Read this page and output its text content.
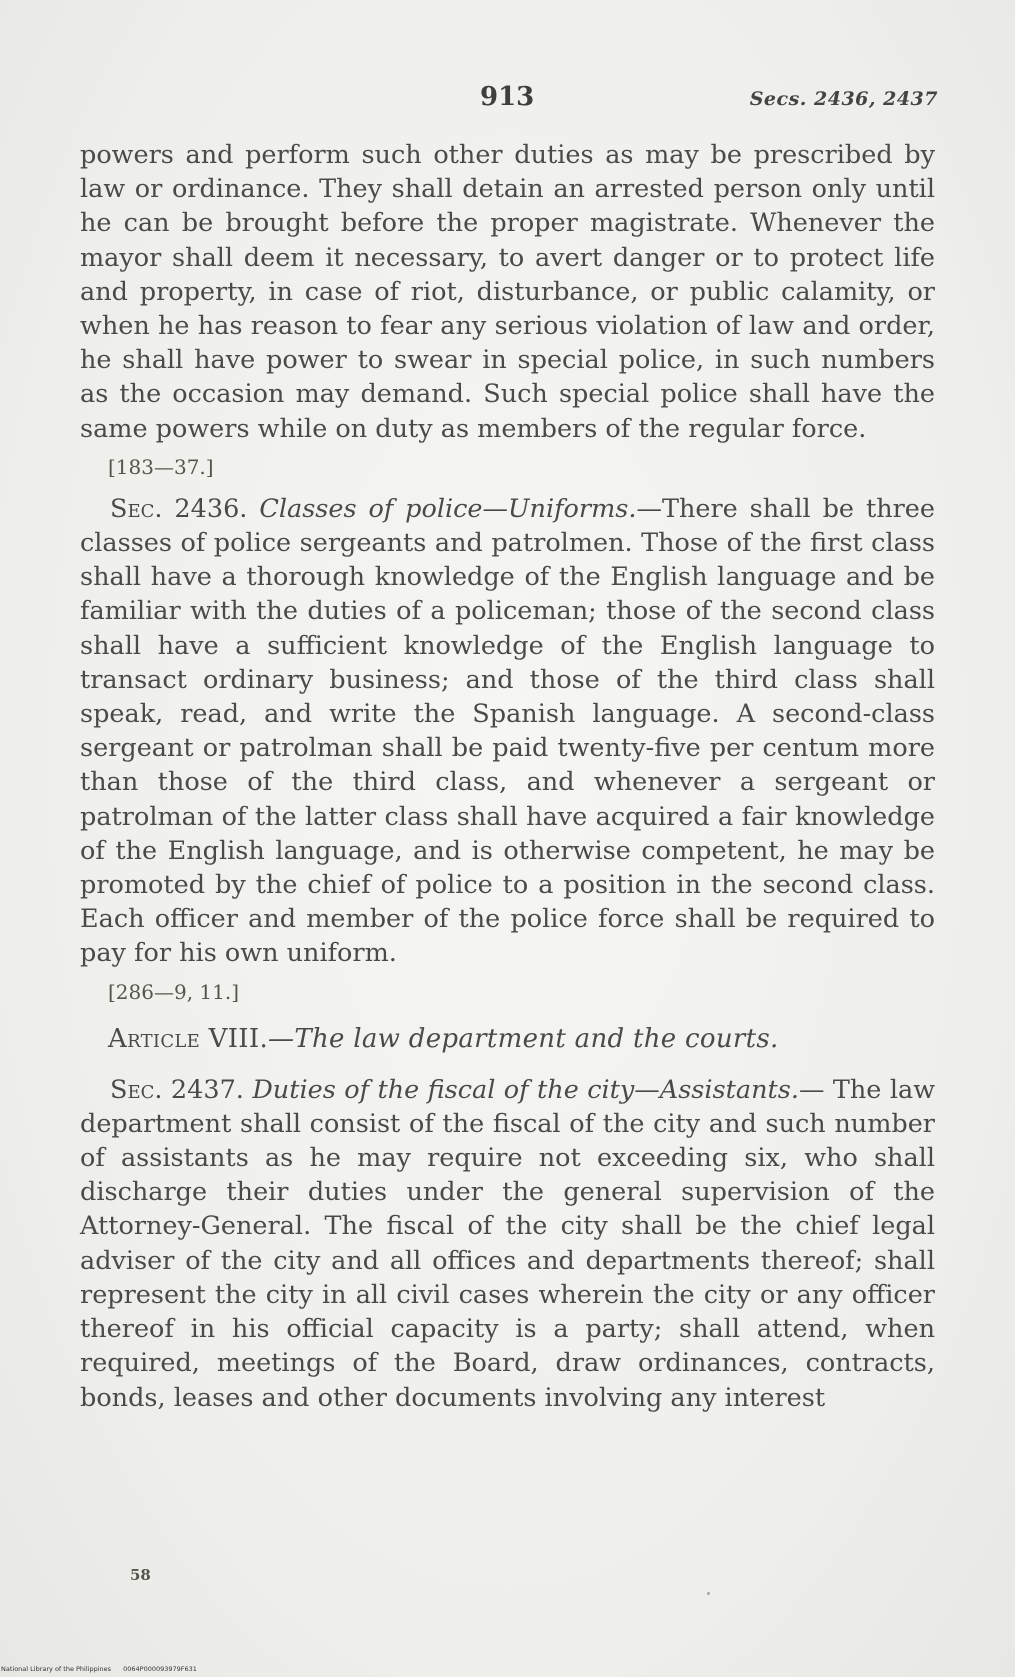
913	Secs. 2436, 2437

powers and perform such other duties as may be prescribed by law or ordinance. They shall detain an arrested person only until he can be brought before the proper magistrate. Whenever the mayor shall deem it necessary, to avert danger or to protect life and property, in case of riot, disturbance, or public calamity, or when he has reason to fear any serious violation of law and order, he shall have power to swear in special police, in such numbers as the occasion may demand. Such special police shall have the same powers while on duty as members of the regular force.

[183—37.]

Sec. 2436. Classes of police—Uniforms.—There shall be three classes of police sergeants and patrolmen. Those of the first class shall have a thorough knowledge of the English language and be familiar with the duties of a policeman; those of the second class shall have a sufficient knowledge of the English language to transact ordinary business; and those of the third class shall speak, read, and write the Spanish language. A second-class sergeant or patrolman shall be paid twenty-five per centum more than those of the third class, and whenever a sergeant or patrolman of the latter class shall have acquired a fair knowledge of the English language, and is otherwise competent, he may be promoted by the chief of police to a position in the second class. Each officer and member of the police force shall be required to pay for his own uniform.

[286—9, 11.]
Article VIII.—The law department and the courts.

Sec. 2437. Duties of the fiscal of the city—Assistants.— The law department shall consist of the fiscal of the city and such number of assistants as he may require not exceeding six, who shall discharge their duties under the general supervision of the Attorney-General. The fiscal of the city shall be the chief legal adviser of the city and all offices and departments thereof; shall represent the city in all civil cases wherein the city or any officer thereof in his official capacity is a party; shall attend, when required, meetings of the Board, draw ordinances, contracts, bonds, leases and other documents involving any interest

58
National Library of the Philippines 0064P000093979F631
